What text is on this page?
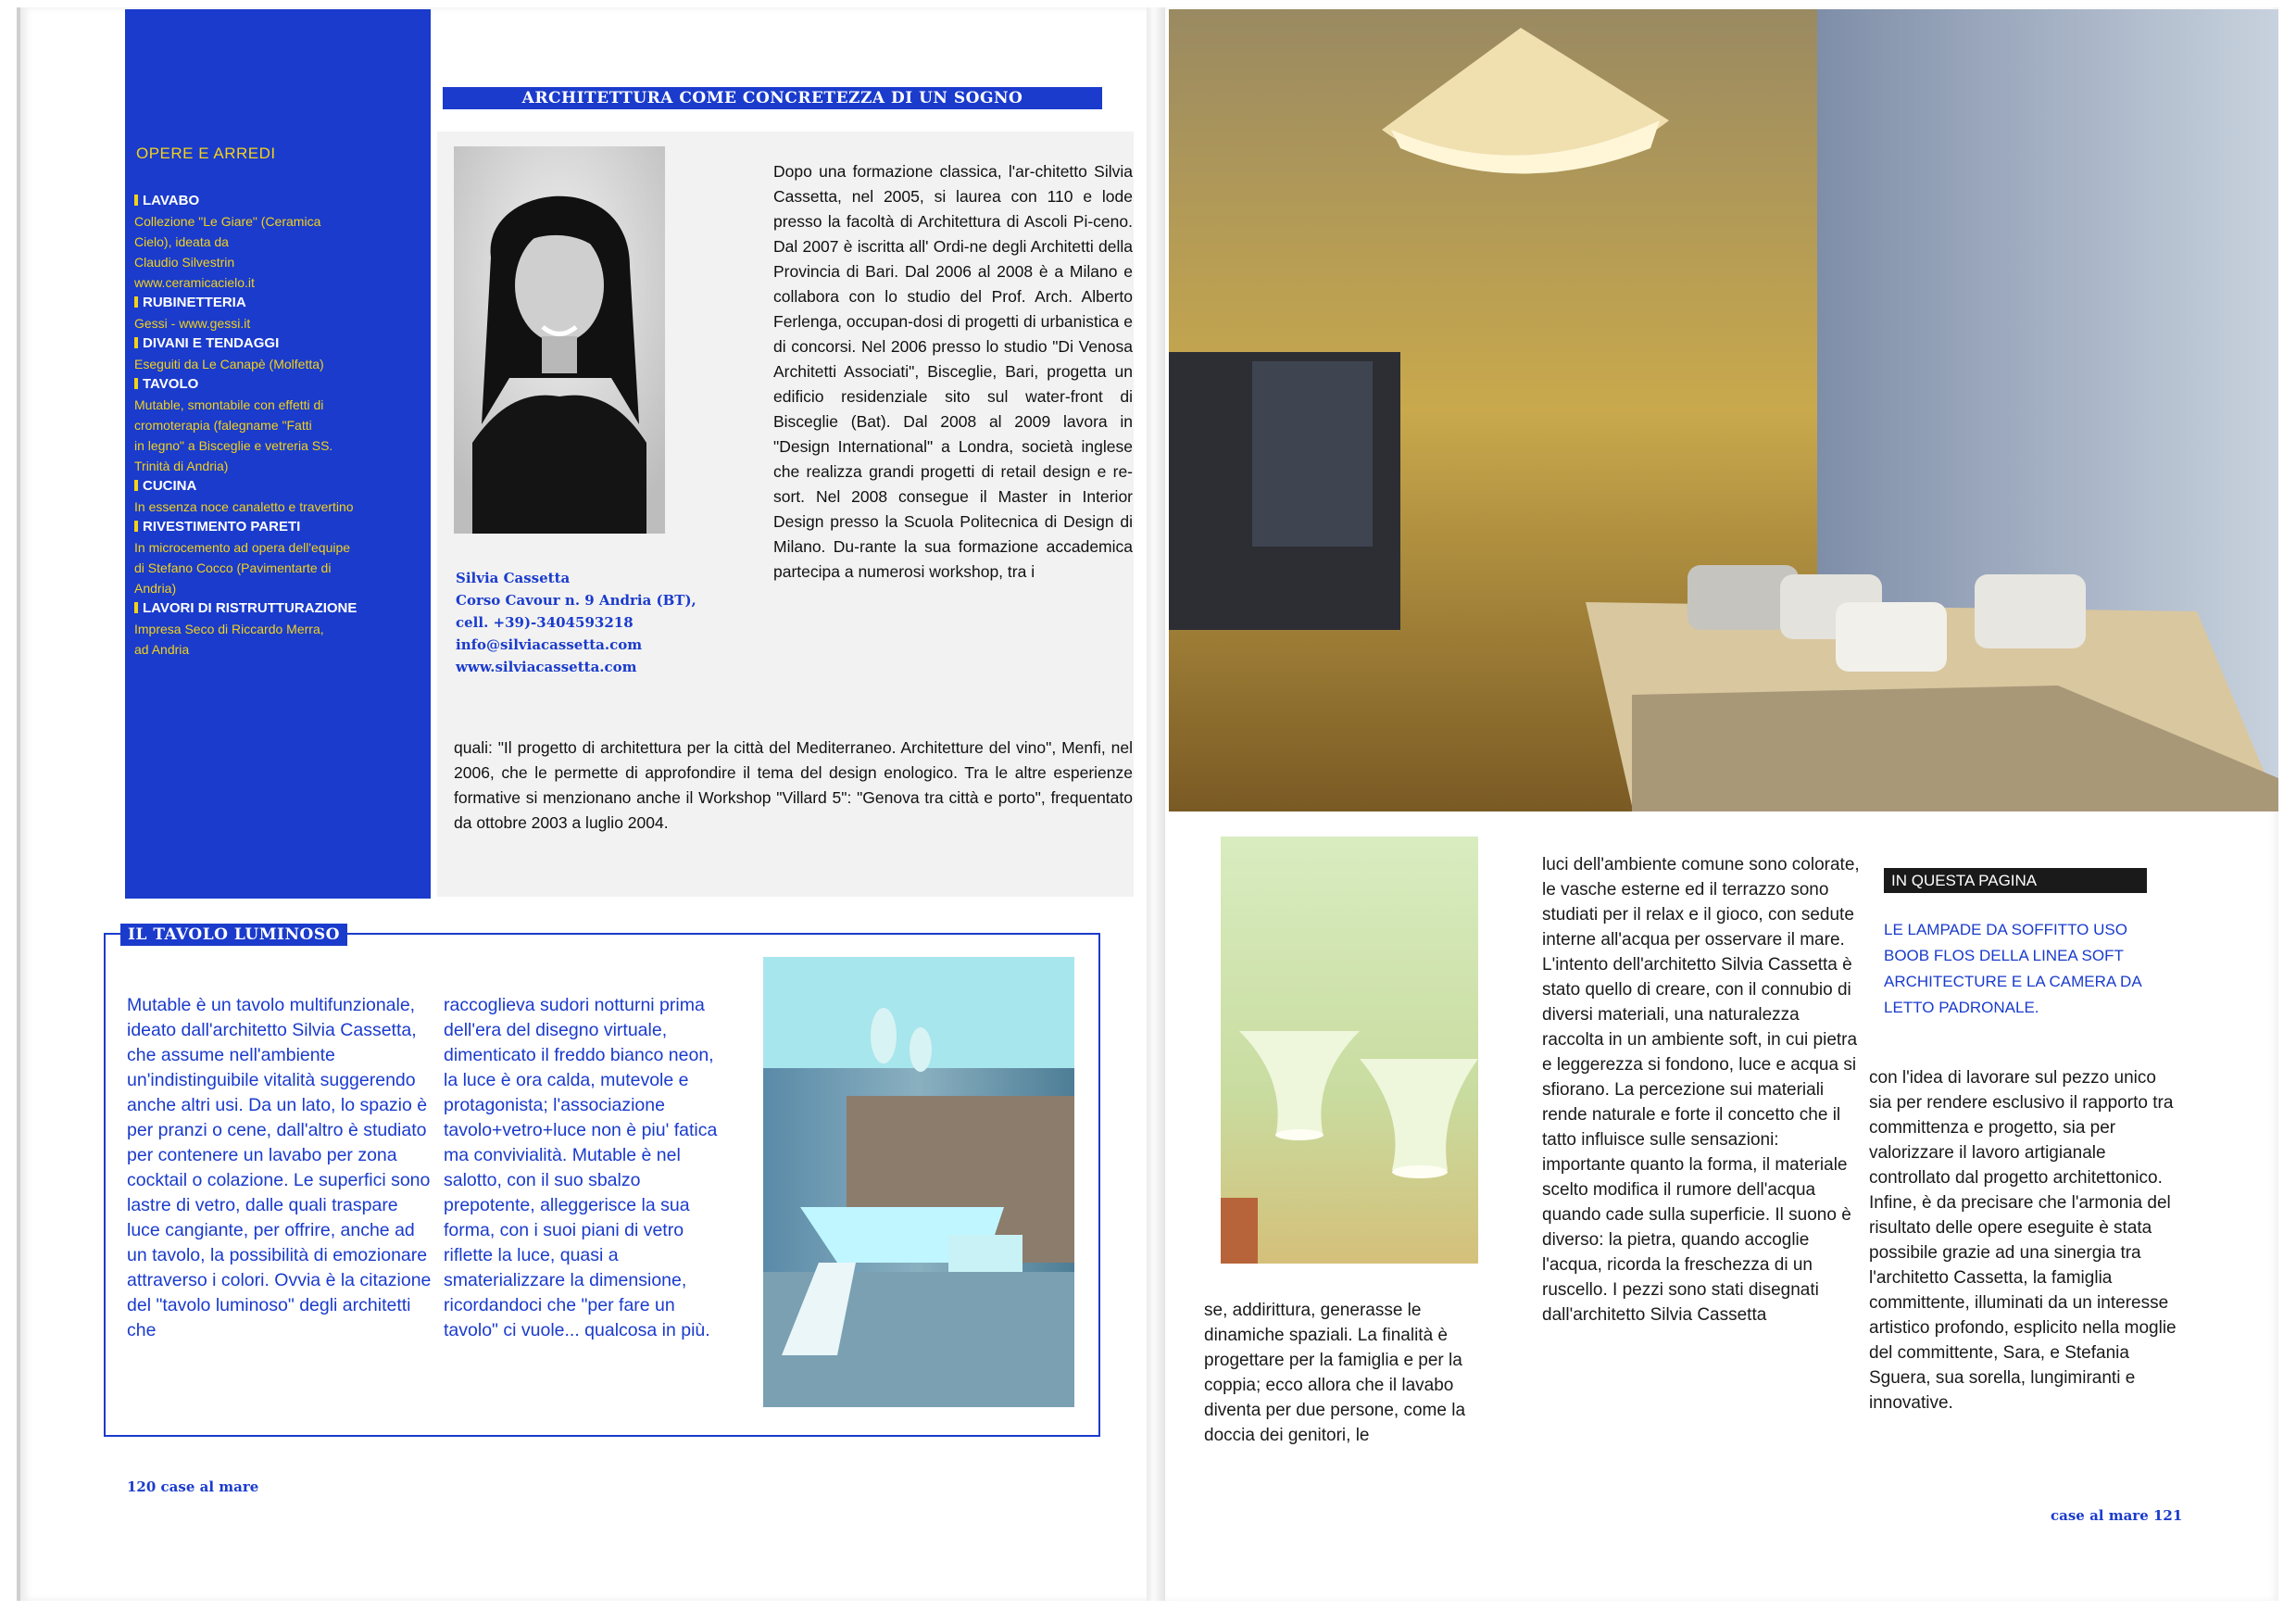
OPERE E ARREDI
LAVABO
Collezione "Le Giare" (Ceramica
Cielo), ideata da
Claudio Silvestrin
www.ceramicacielo.it
RUBINETTERIA
Gessi - www.gessi.it
DIVANI E TENDAGGI
Eseguiti da Le Canapè (Molfetta)
TAVOLO
Mutable, smontabile con effetti di
cromoterapia (falegname "Fatti
in legno" a Bisceglie e vetreria SS.
Trinità di Andria)
CUCINA
In essenza noce canaletto e travertino
RIVESTIMENTO PARETI
In microcemento ad opera dell'equipe
di Stefano Cocco (Pavimentarte di
Andria)
LAVORI DI RISTRUTTURAZIONE
Impresa Seco di Riccardo Merra,
ad Andria
ARCHITETTURA COME CONCRETEZZA DI UN SOGNO
Silvia Cassetta
Corso Cavour n. 9 Andria (BT),
cell. +39)-3404593218
info@silviacassetta.com
www.silviacassetta.com
Dopo una formazione classica, l'ar-chitetto Silvia Cassetta, nel 2005, si laurea con 110 e lode presso la facoltà di Architettura di Ascoli Pi-ceno. Dal 2007 è iscritta all' Ordi-ne degli Architetti della Provincia di Bari. Dal 2006 al 2008 è a Milano e collabora con lo studio del Prof. Arch. Alberto Ferlenga, occupan-dosi di progetti di urbanistica e di concorsi. Nel 2006 presso lo studio "Di Venosa Architetti Associati", Bisceglie, Bari, progetta un edificio residenziale sito sul water-front di Bisceglie (Bat). Dal 2008 al 2009 lavora in "Design International" a Londra, società inglese che realizza grandi progetti di retail design e re-sort. Nel 2008 consegue il Master in Interior Design presso la Scuola Politecnica di Design di Milano. Du-rante la sua formazione accademica partecipa a numerosi workshop, tra i
quali: "Il progetto di architettura per la città del Mediterraneo. Architetture del vino", Menfi, nel 2006, che le permette di approfondire il tema del design enologico. Tra le altre esperienze formative si menzionano anche il Workshop "Villard 5": "Genova tra città e porto", frequentato da ottobre 2003 a luglio 2004.
IL TAVOLO LUMINOSO
Mutable è un tavolo multifunzionale, ideato dall'architetto Silvia Cassetta, che assume nell'ambiente un'indistinguibile vitalità suggerendo anche altri usi. Da un lato, lo spazio è per pranzi o cene, dall'altro è studiato per contenere un lavabo per zona cocktail o colazione. Le superfici sono lastre di vetro, dalle quali traspare luce cangiante, per offrire, anche ad un tavolo, la possibilità di emozionare attraverso i colori. Ovvia è la citazione del "tavolo luminoso" degli architetti che
raccoglieva sudori notturni prima dell'era del disegno virtuale, dimenticato il freddo bianco neon, la luce è ora calda, mutevole e protagonista; l'associazione tavolo+vetro+luce non è piu' fatica ma convivialità. Mutable è nel salotto, con il suo sbalzo prepotente, alleggerisce la sua forma, con i suoi piani di vetro riflette la luce, quasi a smaterializzare la dimensione, ricordandoci che "per fare un tavolo" ci vuole... qualcosa in più.
120 case al mare
se, addirittura, generasse le dinamiche spaziali. La finalità è progettare per la famiglia e per la coppia; ecco allora che il lavabo diventa per due persone, come la doccia dei genitori, le
luci dell'ambiente comune sono colorate, le vasche esterne ed il terrazzo sono studiati per il relax e il gioco, con sedute interne all'acqua per osservare il mare. L'intento dell'architetto Silvia Cassetta è stato quello di creare, con il connubio di diversi materiali, una naturalezza raccolta in un ambiente soft, in cui pietra e leggerezza si fondono, luce e acqua si sfiorano. La percezione sui materiali rende naturale e forte il concetto che il tatto influisce sulle sensazioni: importante quanto la forma, il materiale scelto modifica il rumore dell'acqua quando cade sulla superficie. Il suono è diverso: la pietra, quando accoglie l'acqua, ricorda la freschezza di un ruscello. I pezzi sono stati disegnati dall'architetto Silvia Cassetta
IN QUESTA PAGINA
LE LAMPADE DA SOFFITTO USO BOOB FLOS DELLA LINEA SOFT ARCHITECTURE E LA CAMERA DA LETTO PADRONALE.
con l'idea di lavorare sul pezzo unico sia per rendere esclusivo il rapporto tra committenza e progetto, sia per valorizzare il lavoro artigianale controllato dal progetto architettonico. Infine, è da precisare che l'armonia del risultato delle opere eseguite è stata possibile grazie ad una sinergia tra l'architetto Cassetta, la famiglia committente, illuminati da un interesse artistico profondo, esplicito nella moglie del committente, Sara, e Stefania Sguera, sua sorella, lungimiranti e innovative.
case al mare 121
